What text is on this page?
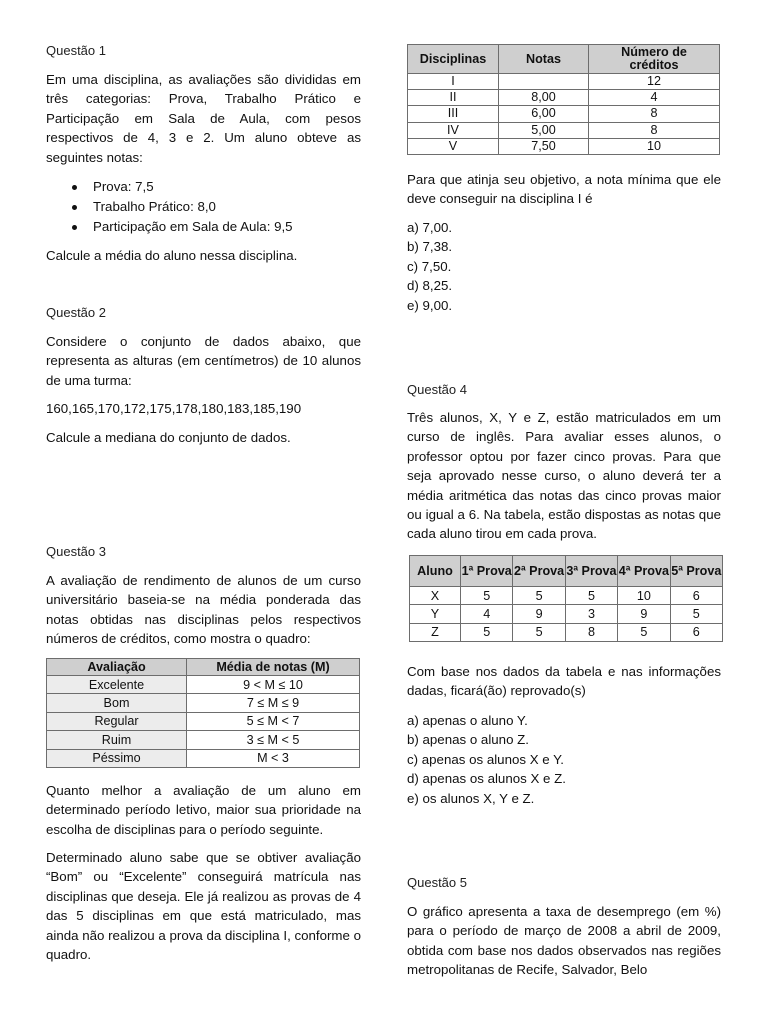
Questão 1
Em uma disciplina, as avaliações são divididas em três categorias: Prova, Trabalho Prático e Participação em Sala de Aula, com pesos respectivos de 4, 3 e 2. Um aluno obteve as seguintes notas:
Prova: 7,5
Trabalho Prático: 8,0
Participação em Sala de Aula: 9,5
Calcule a média do aluno nessa disciplina.
Questão 2
Considere o conjunto de dados abaixo, que representa as alturas (em centímetros) de 10 alunos de uma turma:
160,165,170,172,175,178,180,183,185,190
Calcule a mediana do conjunto de dados.
Questão 3
A avaliação de rendimento de alunos de um curso universitário baseia-se na média ponderada das notas obtidas nas disciplinas pelos respectivos números de créditos, como mostra o quadro:
Avaliação	Média de notas (M)
Excelente	9 < M ≤ 10
Bom	7 ≤ M ≤ 9
Regular	5 ≤ M < 7
Ruim	3 ≤ M < 5
Péssimo	M < 3
Quanto melhor a avaliação de um aluno em determinado período letivo, maior sua prioridade na escolha de disciplinas para o período seguinte.
Determinado aluno sabe que se obtiver avaliação “Bom” ou “Excelente” conseguirá matrícula nas disciplinas que deseja. Ele já realizou as provas de 4 das 5 disciplinas em que está matriculado, mas ainda não realizou a prova da disciplina I, conforme o quadro.
Disciplinas	Notas	Número de créditos
I		12
II	8,00	4
III	6,00	8
IV	5,00	8
V	7,50	10
Para que atinja seu objetivo, a nota mínima que ele deve conseguir na disciplina I é
a) 7,00.
b) 7,38.
c) 7,50.
d) 8,25.
e) 9,00.
Questão 4
Três alunos, X, Y e Z, estão matriculados em um curso de inglês. Para avaliar esses alunos, o professor optou por fazer cinco provas. Para que seja aprovado nesse curso, o aluno deverá ter a média aritmética das notas das cinco provas maior ou igual a 6. Na tabela, estão dispostas as notas que cada aluno tirou em cada prova.
Aluno	1ª Prova	2ª Prova	3ª Prova	4ª Prova	5ª Prova
X	5	5	5	10	6
Y	4	9	3	9	5
Z	5	5	8	5	6
Com base nos dados da tabela e nas informações dadas, ficará(ão) reprovado(s)
a) apenas o aluno Y.
b) apenas o aluno Z.
c) apenas os alunos X e Y.
d) apenas os alunos X e Z.
e) os alunos X, Y e Z.
Questão 5
O gráfico apresenta a taxa de desemprego (em %) para o período de março de 2008 a abril de 2009, obtida com base nos dados observados nas regiões metropolitanas de Recife, Salvador, Belo
